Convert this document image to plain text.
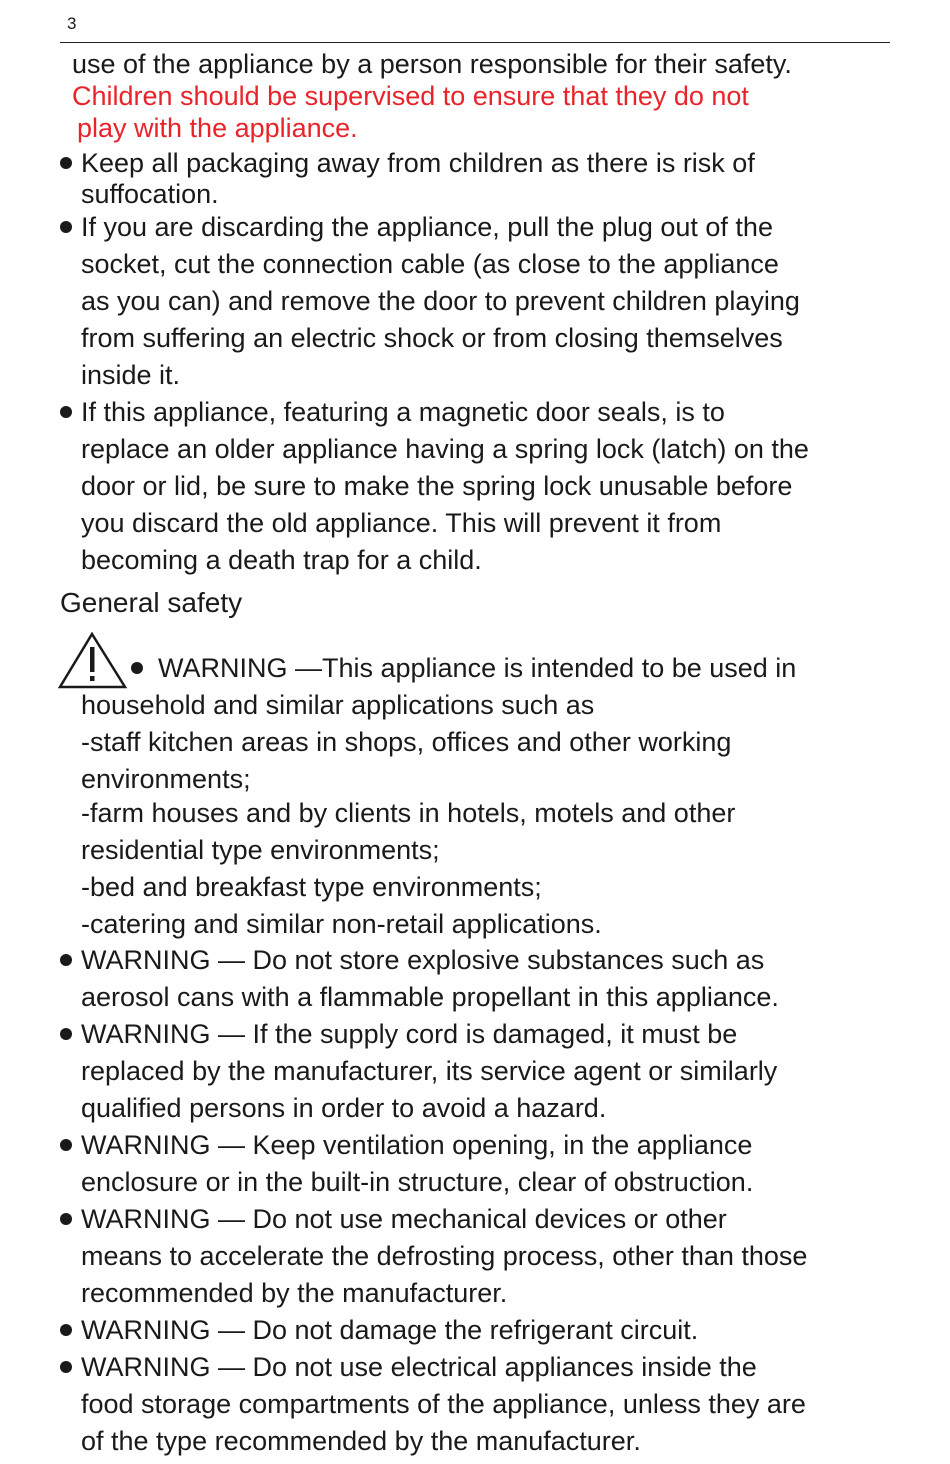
3
use of the appliance by a person responsible for their safety.
Children should be supervised to ensure that they do not
play with the appliance.
Keep all packaging away from children as there is risk of
suffocation.
If you are discarding the appliance, pull the plug out of the
socket, cut the connection cable (as close to the appliance
as you can) and remove the door to prevent children playing
from suffering an electric shock or from closing themselves
inside it.
If this appliance, featuring a magnetic door seals, is to
replace an older appliance having a spring lock (latch) on the
door or lid, be sure to make the spring lock unusable before
you discard the old appliance. This will prevent it from
becoming a death trap for a child.
General safety
WARNING —This appliance is intended to be used in
household and similar applications such as
-staff kitchen areas in shops, offices and other working
environments;
-farm houses and by clients in hotels, motels and other
residential type environments;
-bed and breakfast type environments;
-catering and similar non-retail applications.
WARNING — Do not store explosive substances such as
aerosol cans with a flammable propellant in this appliance.
WARNING — If the supply cord is damaged, it must be
replaced by the manufacturer, its service agent or similarly
qualified persons in order to avoid a hazard.
WARNING — Keep ventilation opening, in the appliance
enclosure or in the built-in structure, clear of obstruction.
WARNING — Do not use mechanical devices or other
means to accelerate the defrosting process, other than those
recommended by the manufacturer.
WARNING — Do not damage the refrigerant circuit.
WARNING — Do not use electrical appliances inside the
food storage compartments of the appliance, unless they are
of the type recommended by the manufacturer.
